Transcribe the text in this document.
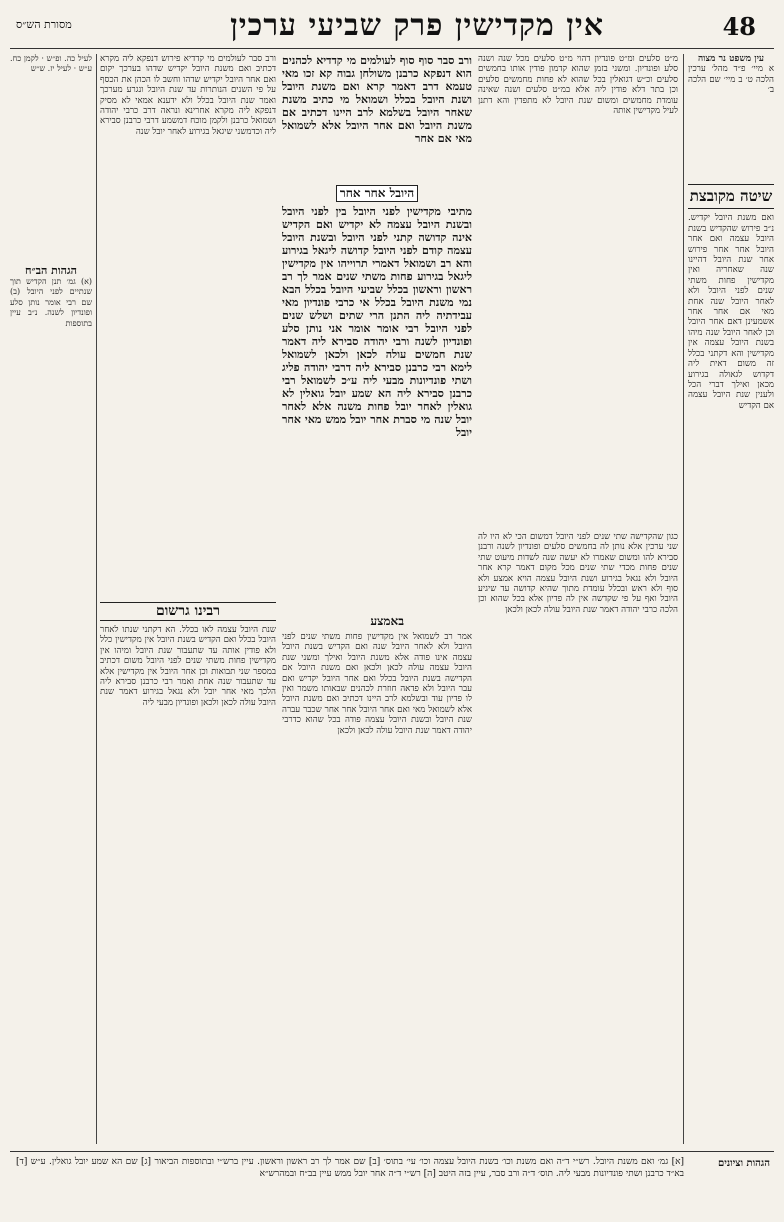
48
אין מקדישין פרק שביעי ערכין
מסורת הש״ס
עין משפט נר מצוה
א מיי׳ פ״ד מהל׳ ערכין הלכה ט׳ ב מיי׳ שם הלכה ב׳
שיטה מקובצת
ואם משנת היובל יקדיש. נ״ב פירוש שהקדיש בשנת היובל עצמה ואם אחר היובל אחר אחר פירוש אחר שנת היובל דהיינו שנה שאחריה ואין מקדישין פחות משתי שנים לפני היובל ולא לאחר היובל שנה אחת מאי אם אחר אחר אשמעינן דאם אחר היובל וכן לאחר היובל שנה מיהו בשנת היובל עצמה אין מקדישין והא דקתני בכלל זה משום דאית ליה דקדוש לגאולה בגירוע מכאן ואילך דברי הכל ולענין שנת היובל עצמה אם הקדיש
מ״ט סלעים ומ״ט פונדיון דהוי מ״ט סלעים מכל שנה ושנה סלע ופונדיון. ומשני בזמן שהוא קדמון פודין אותו בחמשים סלעים וכ״ש דגואלין בכל שהוא לא פחות מחמשים סלעים וכן בתר דלא פודין ליה אלא במ״ט סלעים ושנה שאינה עומדת מחמשים ומשום שנת היובל לא מתפדין והא דתנן לעיל מקדישין אותה
כגון שהקדישה שתי שנים לפני היובל דמשום הכי לא היו לה שני ערכין אלא נותן לה בחמשים סלעים ופונדיון לשנה ורבנן סבירא להו ומשום שאמרו לא יעשה שנה לשדות מיעוט שתי שנים פחות מכדי שתי שנים מכל מקום דאמר קרא אחר היובל ולא נגאל בגירוע ושנת היובל עצמה הויא אמצע ולא סוף ולא ראש ובכלל עומדת מתוך שהיא קדושה עד שיגיע היובל ואף על פי שקדשה אין לה פדיון אלא בכל שהוא וכן הלכה כרבי יהודה דאמר שנת היובל עולה לכאן ולכאן
ורב סבר סוף סוף לעולמים מי קדדיא לכהנים הוא דנפקא כרבנן משולחן גבוה קא זכו מאי טעמא דרב דאמר קרא ואם משנת היובל ושנת היובל בכלל ושמואל מי כתיב משנת שאחר היובל בשלמא לרב היינו דכתיב אם משנת היובל ואם אחר היובל אלא לשמואל מאי אם אחר
היובל אחר אחר
מתיבי מקדישין לפני היובל בין לפני היובל ובשנת היובל עצמה לא יקדיש ואם הקדיש אינה קדושה קתני לפני היובל ובשנת היובל עצמה קודם לפני היובל קדושה ליגאל בגירוע והא רב ושמואל דאמרי תרוייהו אין מקדישין ליגאל בגירוע פחות משתי שנים אמר לך רב ראשון וראשון בכלל שביעי היובל בכלל הבא נמי משנת היובל בכלל אי כרבי פונדיון מאי עבידתיה ליה התנן הרי שתים ושלש שנים לפני היובל רבי אומר אומר אני נותן סלע ופונדיון לשנה ורבי יהודה סבירא ליה דאמר שנת חמשים עולה לכאן ולכאן לשמואל לימא רבי כרבנן סבירא ליה דרבי יהודה פליג ושתי פונדיונות מבעי ליה ע״כ לשמואל רבי כרבנן סבירא ליה הא שמע יובל גואלין לא גואלין לאחר יובל פחות משנה אלא לאחר יובל שנה מי סברת אחר יובל ממש מאי אחר יובל
באמצע
ורב סבר לעולמים מי קדדיא פירוש דנפקא ליה מקרא דכתיב ואם משנת היובל יקדיש שדהו בערכך יקום ואם אחר היובל יקדיש שדהו וחשב לו הכהן את הכסף על פי השנים הנותרות עד שנת היובל ונגרע מערכך ואמר שנת היובל בכלל ולא ידענא אמאי לא מסיק דנפקא ליה מקרא אחרינא ונראה דרב כרבי יהודה ושמואל כרבנן ולקמן מוכח דמשמע דרבי כרבנן סבירא ליה וכדמשני שיגאל בגירוע לאחר יובל שנה
רבינו גרשום
שנת היובל עצמה לאו בכלל. הא דקתני שנתו לאחר היובל בכלל ואם הקדיש בשנת היובל אין מקדישין כלל ולא פודין אותה עד שתעבור שנת היובל ומיהו אין מקדישין פחות משתי שנים לפני היובל משום דכתיב במספר שני תבואות וכן אחר היובל אין מקדישין אלא עד שתעבור שנה אחת ואמר רבי כרבנן סבירא ליה הלכך מאי אחר יובל ולא נגאל בגירוע דאמר שנת היובל עולה לכאן ולכאן ופונדיון מבעי ליה
לעיל כה. ופ״ש · לקמן כח. ע״ש · לעיל יז. ש״ש
הגהות הב״ח
(א) גמ׳ תנן הקדיש תוך שנתיים לפני היובל (ב) שם רבי אומר נותן סלע ופונדיון לשנה. נ״ב עיין בתוספות
אמר רב לשמואל אין מקדישין פחות משתי שנים לפני היובל ולא לאחר היובל שנה ואם הקדיש בשנת היובל עצמה אינו פודה אלא משנת היובל ואילך ומשני שנת היובל עצמה עולה לכאן ולכאן ואם משנת היובל אם הקדישה בשנת היובל בכלל ואם אחר היובל יקדיש ואם עבר היובל ולא פדאה חוזרת לכהנים שבאותו משמר ואין לו פדיון עוד ובשלמא לרב היינו דכתיב ואם משנת היובל אלא לשמואל מאי ואם אחר היובל אחר אחר שכבר עברה שנת היובל ובשנת היובל עצמה פודה בכל שהוא כדרבי יהודה דאמר שנת היובל עולה לכאן ולכאן
הגהות וציונים
[א] גמ׳ ואם משנת היובל. רש״י ד״ה ואם משנת וכו׳ בשנת היובל עצמה וכו׳ עי׳ בתוס׳ [ב] שם אמר לך רב ראשון וראשון. עיין ברש״י ובתוספות הביאור [ג] שם הא שמע יובל גואלין. ע״ש [ד] בא״ד כרבנן ושתי פונדיונות מבעי ליה. תוס׳ ד״ה ורב סבר, עיין בזה היטב [ה] רש״י ד״ה אחר יובל ממש עיין בב״ח ובמהרש״א
